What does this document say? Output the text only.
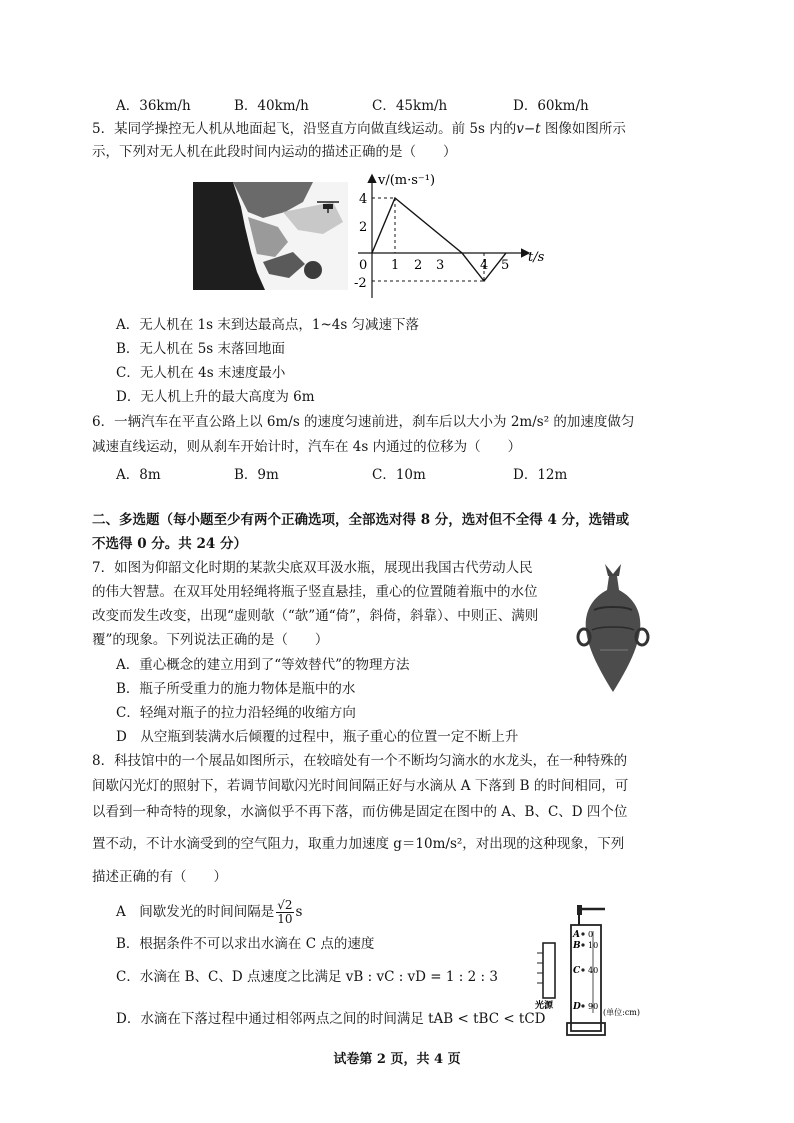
A．36km/h	B．40km/h	C．45km/h	D．60km/h
5．某同学操控无人机从地面起飞，沿竖直方向做直线运动。前 5s 内的v−t 图像如图所示
示，下列对无人机在此段时间内运动的描述正确的是（　　）
v/(m·s⁻¹)
t/s
4
2
0
-2
1 2 3	4 5
A．无人机在 1s 末到达最高点，1~4s 匀减速下落
B．无人机在 5s 末落回地面
C．无人机在 4s 末速度最小
D．无人机上升的最大高度为 6m
6．一辆汽车在平直公路上以 6m/s 的速度匀速前进，刹车后以大小为 2m/s² 的加速度做匀
减速直线运动，则从刹车开始计时，汽车在 4s 内通过的位移为（　　）
A．8m	B．9m	C．10m	D．12m
二、多选题（每小题至少有两个正确选项，全部选对得 8 分，选对但不全得 4 分，选错或
不选得 0 分。共 24 分）
7．如图为仰韶文化时期的某款尖底双耳汲水瓶，展现出我国古代劳动人民
的伟大智慧。在双耳处用轻绳将瓶子竖直悬挂，重心的位置随着瓶中的水位
改变而发生改变，出现“虚则欹（“欹”通“倚”，斜倚，斜靠）、中则正、满则
覆”的现象。下列说法正确的是（　　）
A．重心概念的建立用到了“等效替代”的物理方法
B．瓶子所受重力的施力物体是瓶中的水
C．轻绳对瓶子的拉力沿轻绳的收缩方向
D　从空瓶到装满水后倾覆的过程中，瓶子重心的位置一定不断上升
8．科技馆中的一个展品如图所示，在较暗处有一个不断均匀滴水的水龙头，在一种特殊的
间歇闪光灯的照射下，若调节间歇闪光时间间隔正好与水滴从 A 下落到 B 的时间相同，可
以看到一种奇特的现象，水滴似乎不再下落，而仿佛是固定在图中的 A、B、C、D 四个位
置不动，不计水滴受到的空气阻力，取重力加速度 g＝10m/s²，对出现的这种现象，下列
描述正确的有（　　）
A　间歇发光的时间间隔是 $\frac{√2}{10}$ s
B．根据条件不可以求出水滴在 C 点的速度
C．水滴在 B、C、D 点速度之比满足 vB : vC : vD = 1 : 2 : 3
D．水滴在下落过程中通过相邻两点之间的时间满足 tAB < tBC < tCD
A 0
B 10
C 40
D 90
光源
(单位:cm)
试卷第 2 页，共 4 页
